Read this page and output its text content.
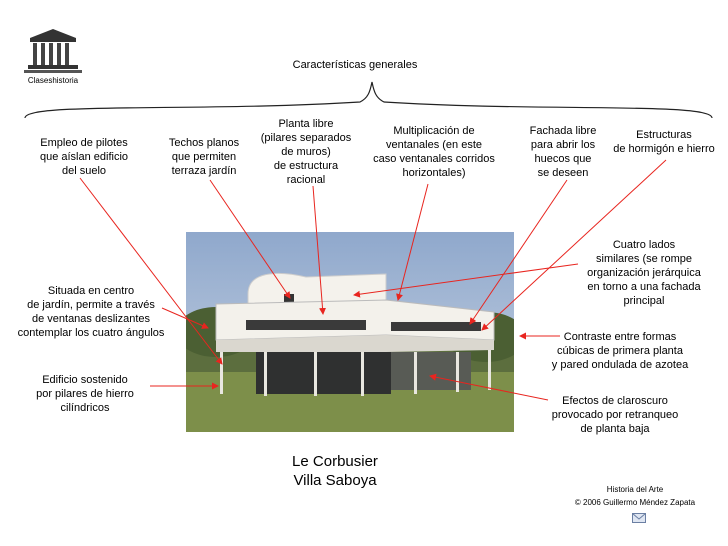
Claseshistoria
Características generales
Empleo de pilotes
que aíslan edificio
del suelo
Techos planos
que permiten
terraza jardín
Planta libre
(pilares separados
de muros)
de estructura
racional
Multiplicación de
ventanales (en este
caso ventanales corridos
horizontales)
Fachada libre
para abrir los
huecos que
se deseen
Estructuras
de hormigón e hierro
Situada en centro
de jardín, permite a través
de ventanas deslizantes
contemplar los cuatro ángulos
Edificio sostenido
por pilares de hierro
cilíndricos
Cuatro lados
similares (se rompe
organización jerárquica
en torno a una fachada
principal
Contraste entre formas
cúbicas de primera planta
y pared ondulada de azotea
Efectos de claroscuro
provocado por retranqueo
de planta baja
Le Corbusier
Villa Saboya
Historia del Arte
© 2006 Guillermo Méndez Zapata
